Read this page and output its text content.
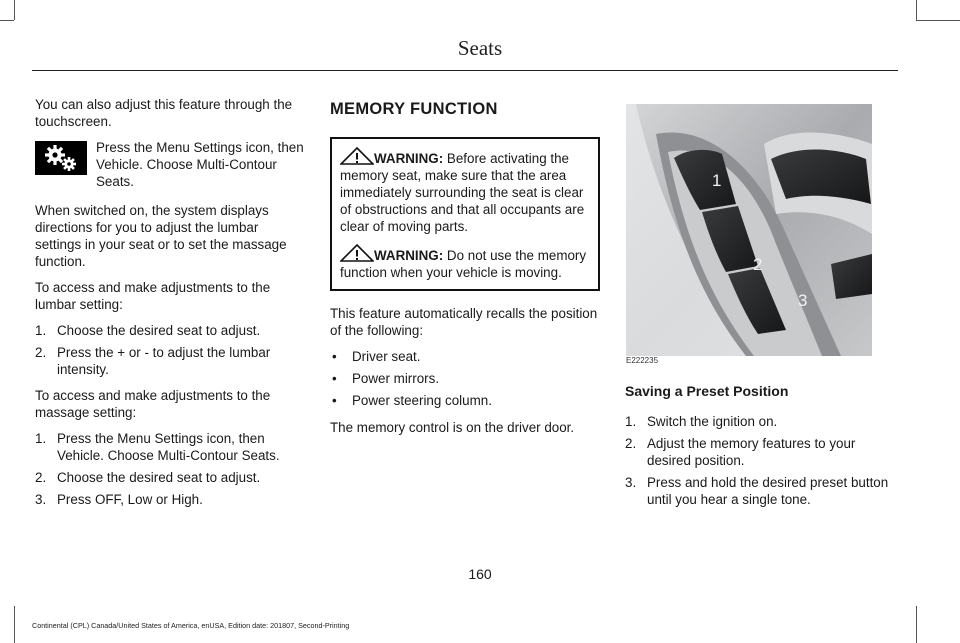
Seats

You can also adjust this feature through the touchscreen.

Press the Menu Settings icon, then Vehicle. Choose Multi-Contour Seats.

When switched on, the system displays directions for you to adjust the lumbar settings in your seat or to set the massage function.

To access and make adjustments to the lumbar setting:

1. Choose the desired seat to adjust.
2. Press the + or - to adjust the lumbar intensity.

To access and make adjustments to the massage setting:

1. Press the Menu Settings icon, then Vehicle. Choose Multi-Contour Seats.
2. Choose the desired seat to adjust.
3. Press OFF, Low or High.
MEMORY FUNCTION

WARNING: Before activating the memory seat, make sure that the area immediately surrounding the seat is clear of obstructions and that all occupants are clear of moving parts.

WARNING: Do not use the memory function when your vehicle is moving.

This feature automatically recalls the position of the following:

• Driver seat.
• Power mirrors.
• Power steering column.

The memory control is on the driver door.

1
2
3
E222235
Saving a Preset Position
1. Switch the ignition on.
2. Adjust the memory features to your desired position.
3. Press and hold the desired preset button until you hear a single tone.
160
Continental (CPL) Canada/United States of America, enUSA, Edition date: 201807, Second-Printing
